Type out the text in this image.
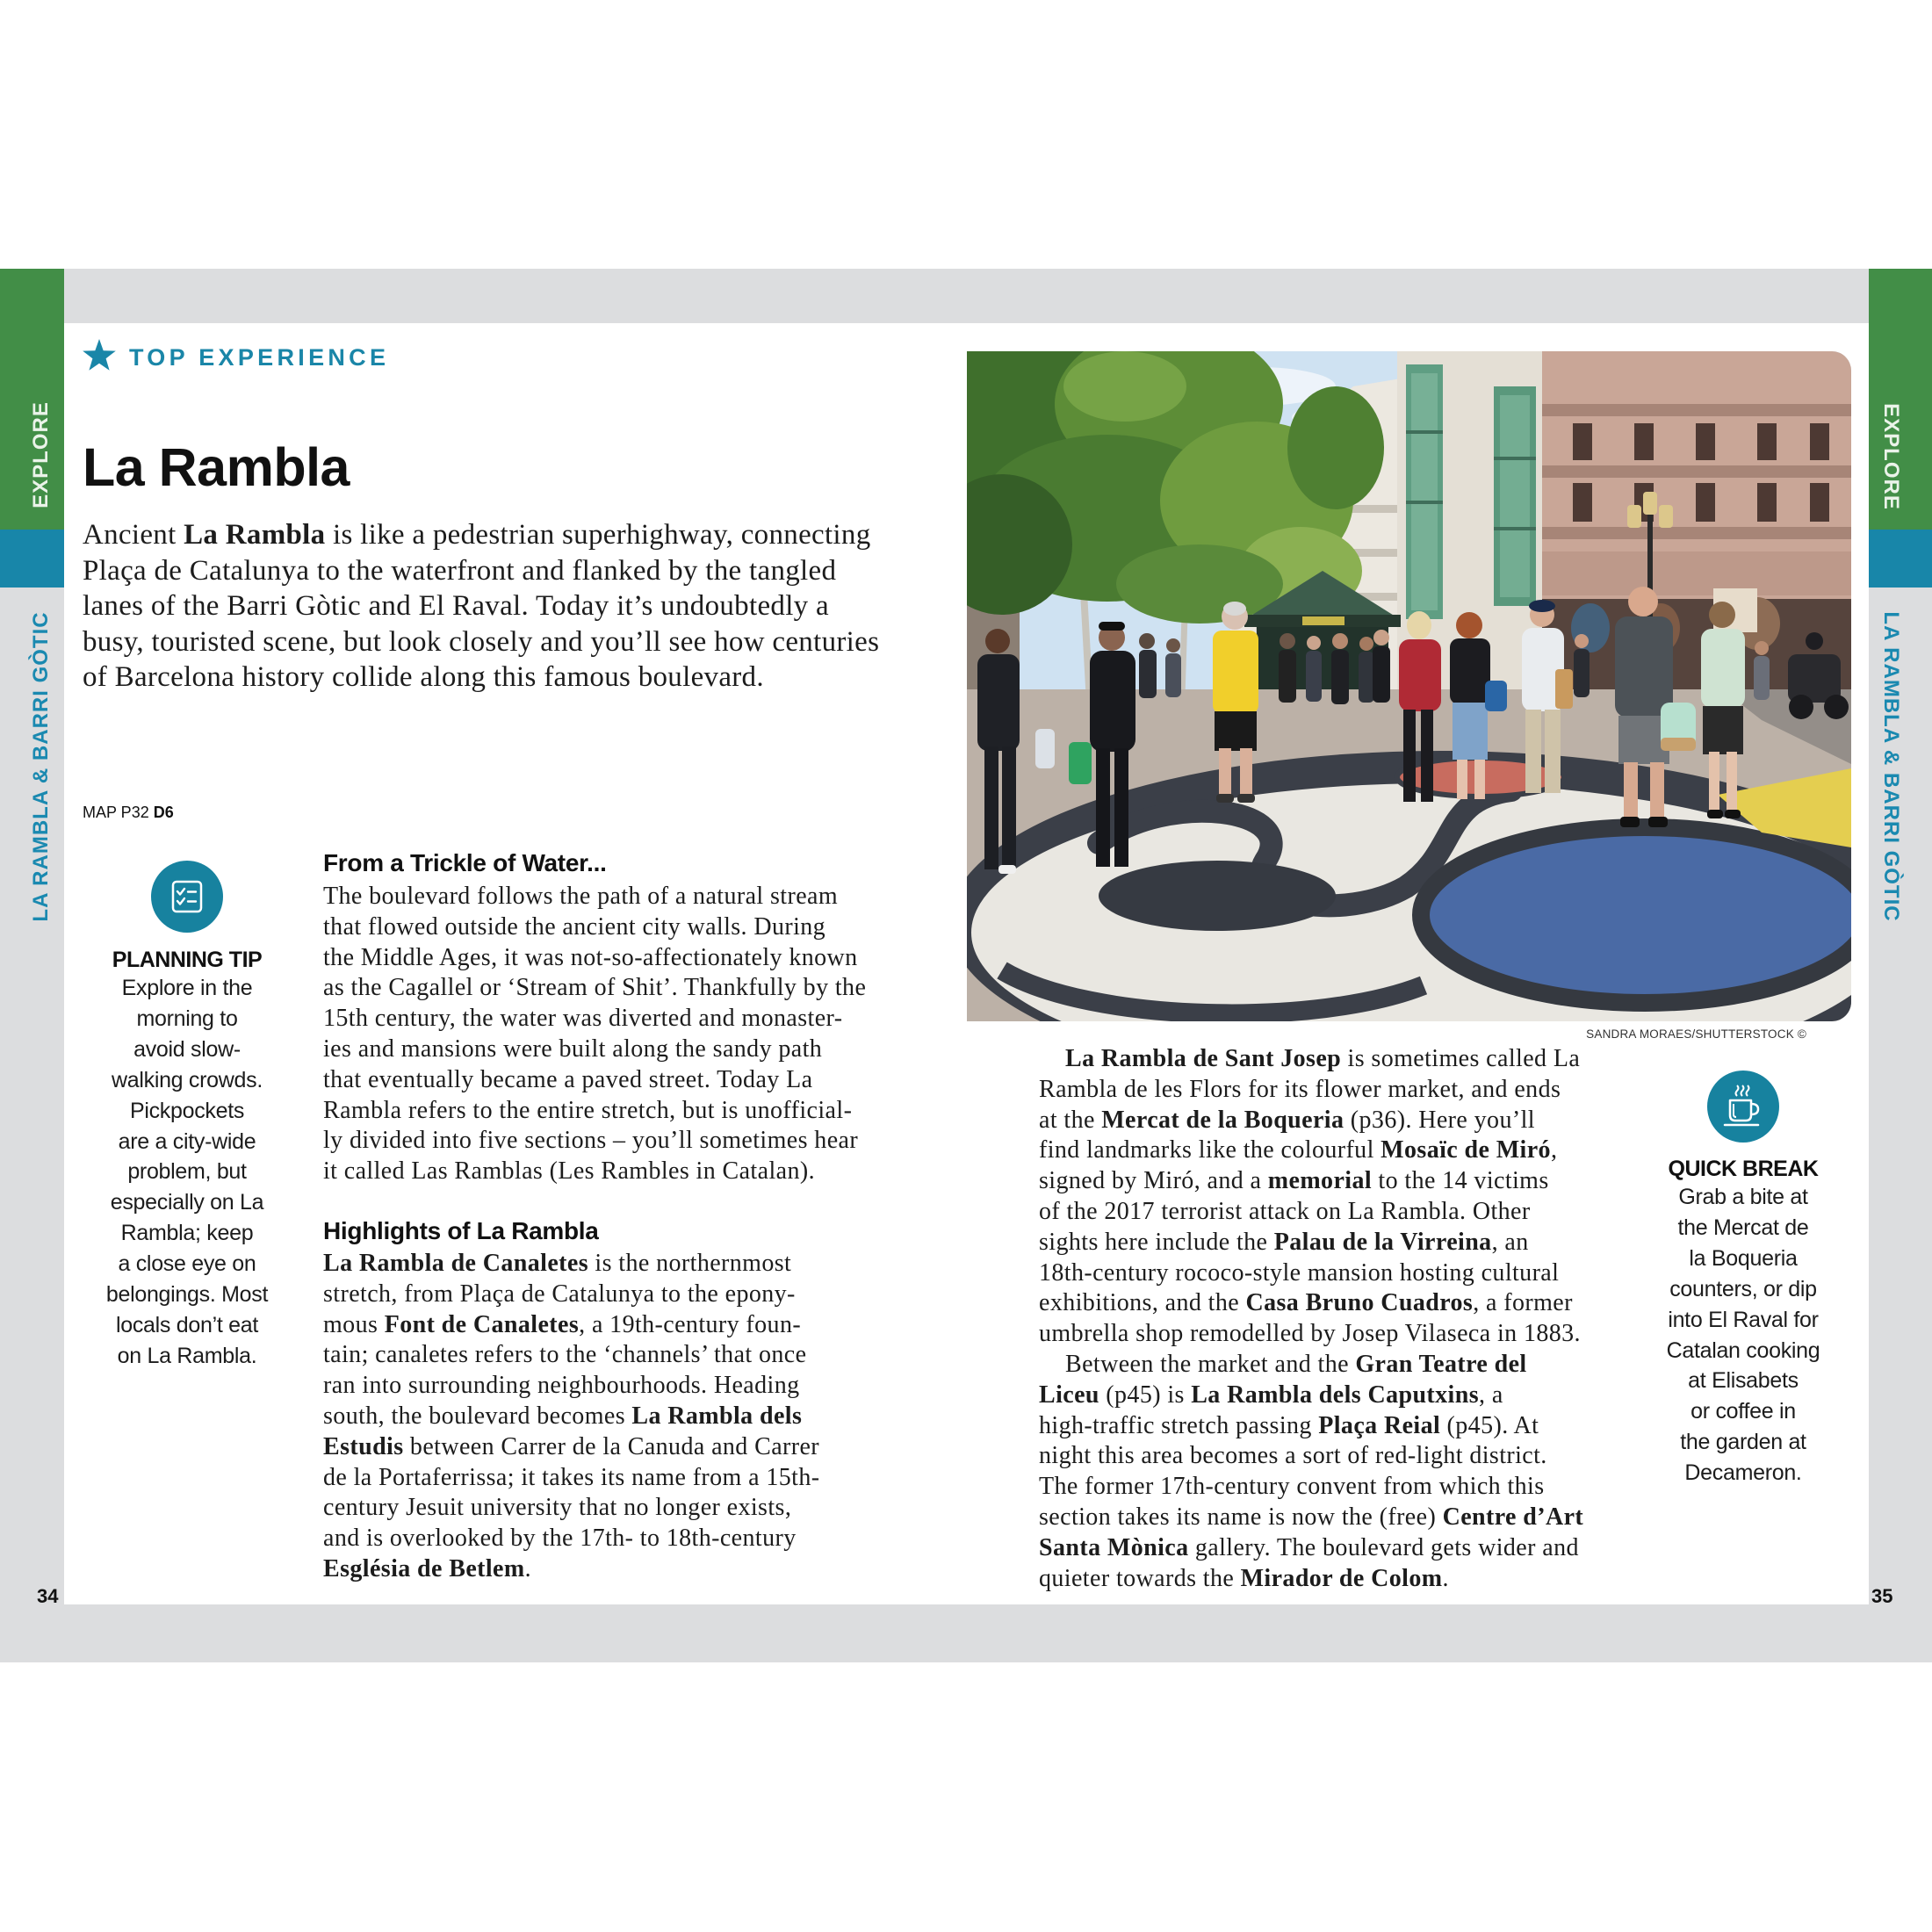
EXPLORE
LA RAMBLA & BARRI GÒTIC
EXPLORE
LA RAMBLA & BARRI GÒTIC
34	35
TOP EXPERIENCE
La Rambla
Ancient La Rambla is like a pedestrian superhighway, connecting
Plaça de Catalunya to the waterfront and flanked by the tangled
lanes of the Barri Gòtic and El Raval. Today it’s undoubtedly a
busy, touristed scene, but look closely and you’ll see how centuries
of Barcelona history collide along this famous boulevard.
MAP P32 D6
PLANNING TIP
Explore in the
morning to
avoid slow-
walking crowds.
Pickpockets
are a city-wide
problem, but
especially on La
Rambla; keep
a close eye on
belongings. Most
locals don’t eat
on La Rambla.
From a Trickle of Water...
The boulevard follows the path of a natural stream
that flowed outside the ancient city walls. During
the Middle Ages, it was not-so-affectionately known
as the Cagallel or ‘Stream of Shit’. Thankfully by the
15th century, the water was diverted and monaster-
ies and mansions were built along the sandy path
that eventually became a paved street. Today La
Rambla refers to the entire stretch, but is unofficial-
ly divided into five sections – you’ll sometimes hear
it called Las Ramblas (Les Rambles in Catalan).
Highlights of La Rambla
La Rambla de Canaletes is the northernmost
stretch, from Plaça de Catalunya to the epony-
mous Font de Canaletes, a 19th-century foun-
tain; canaletes refers to the ‘channels’ that once
ran into surrounding neighbourhoods. Heading
south, the boulevard becomes La Rambla dels
Estudis between Carrer de la Canuda and Carrer
de la Portaferrissa; it takes its name from a 15th-
century Jesuit university that no longer exists,
and is overlooked by the 17th- to 18th-century
Església de Betlem.
SANDRA MORAES/SHUTTERSTOCK ©
La Rambla de Sant Josep is sometimes called La
Rambla de les Flors for its flower market, and ends
at the Mercat de la Boqueria (p36). Here you’ll
find landmarks like the colourful Mosaïc de Miró,
signed by Miró, and a memorial to the 14 victims
of the 2017 terrorist attack on La Rambla. Other
sights here include the Palau de la Virreina, an
18th-century rococo-style mansion hosting cultural
exhibitions, and the Casa Bruno Cuadros, a former
umbrella shop remodelled by Josep Vilaseca in 1883.
Between the market and the Gran Teatre del
Liceu (p45) is La Rambla dels Caputxins, a
high-traffic stretch passing Plaça Reial (p45). At
night this area becomes a sort of red-light district.
The former 17th-century convent from which this
section takes its name is now the (free) Centre d’Art
Santa Mònica gallery. The boulevard gets wider and
quieter towards the Mirador de Colom.
QUICK BREAK
Grab a bite at
the Mercat de
la Boqueria
counters, or dip
into El Raval for
Catalan cooking
at Elisabets
or coffee in
the garden at
Decameron.
